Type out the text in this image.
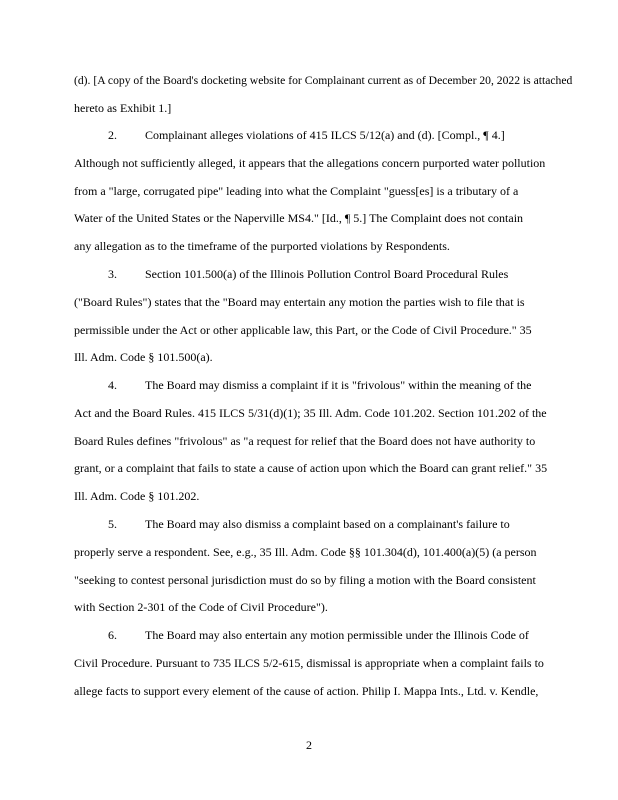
(d). [A copy of the Board's docketing website for Complainant current as of December 20, 2022 is attached
hereto as Exhibit 1.]
2. Complainant alleges violations of 415 ILCS 5/12(a) and (d). [Compl., ¶ 4.]
Although not sufficiently alleged, it appears that the allegations concern purported water pollution
from a "large, corrugated pipe" leading into what the Complaint "guess[es] is a tributary of a
Water of the United States or the Naperville MS4." [Id., ¶ 5.] The Complaint does not contain
any allegation as to the timeframe of the purported violations by Respondents.
3. Section 101.500(a) of the Illinois Pollution Control Board Procedural Rules
("Board Rules") states that the "Board may entertain any motion the parties wish to file that is
permissible under the Act or other applicable law, this Part, or the Code of Civil Procedure." 35
Ill. Adm. Code § 101.500(a).
4. The Board may dismiss a complaint if it is "frivolous" within the meaning of the
Act and the Board Rules. 415 ILCS 5/31(d)(1); 35 Ill. Adm. Code 101.202. Section 101.202 of the
Board Rules defines "frivolous" as "a request for relief that the Board does not have authority to
grant, or a complaint that fails to state a cause of action upon which the Board can grant relief." 35
Ill. Adm. Code § 101.202.
5. The Board may also dismiss a complaint based on a complainant's failure to
properly serve a respondent. See, e.g., 35 Ill. Adm. Code §§ 101.304(d), 101.400(a)(5) (a person
"seeking to contest personal jurisdiction must do so by filing a motion with the Board consistent
with Section 2-301 of the Code of Civil Procedure").
6. The Board may also entertain any motion permissible under the Illinois Code of
Civil Procedure. Pursuant to 735 ILCS 5/2-615, dismissal is appropriate when a complaint fails to
allege facts to support every element of the cause of action. Philip I. Mappa Ints., Ltd. v. Kendle,
2
